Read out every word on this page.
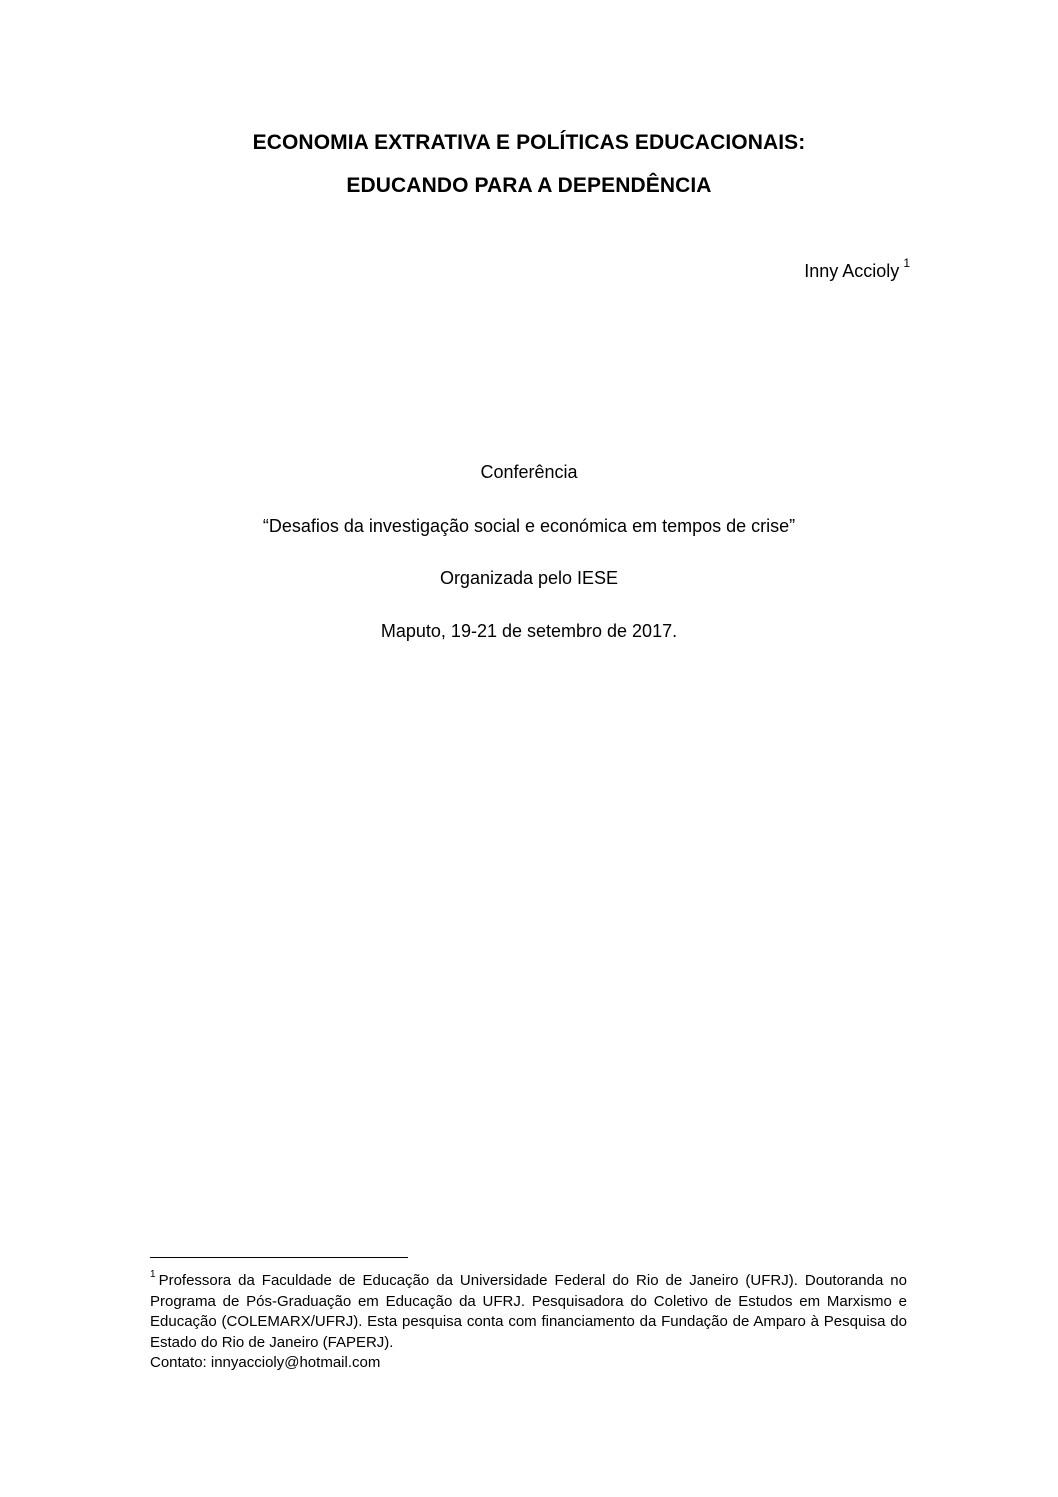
ECONOMIA EXTRATIVA E POLÍTICAS EDUCACIONAIS:
EDUCANDO PARA A DEPENDÊNCIA
Inny Accioly $^1$
Conferência
“Desafios da investigação social e económica em tempos de crise”
Organizada pelo IESE
Maputo, 19-21 de setembro de 2017.
$^1$ Professora da Faculdade de Educação da Universidade Federal do Rio de Janeiro (UFRJ). Doutoranda no Programa de Pós-Graduação em Educação da UFRJ. Pesquisadora do Coletivo de Estudos em Marxismo e Educação (COLEMARX/UFRJ). Esta pesquisa conta com financiamento da Fundação de Amparo à Pesquisa do Estado do Rio de Janeiro (FAPERJ).
Contato: innyaccioly@hotmail.com
